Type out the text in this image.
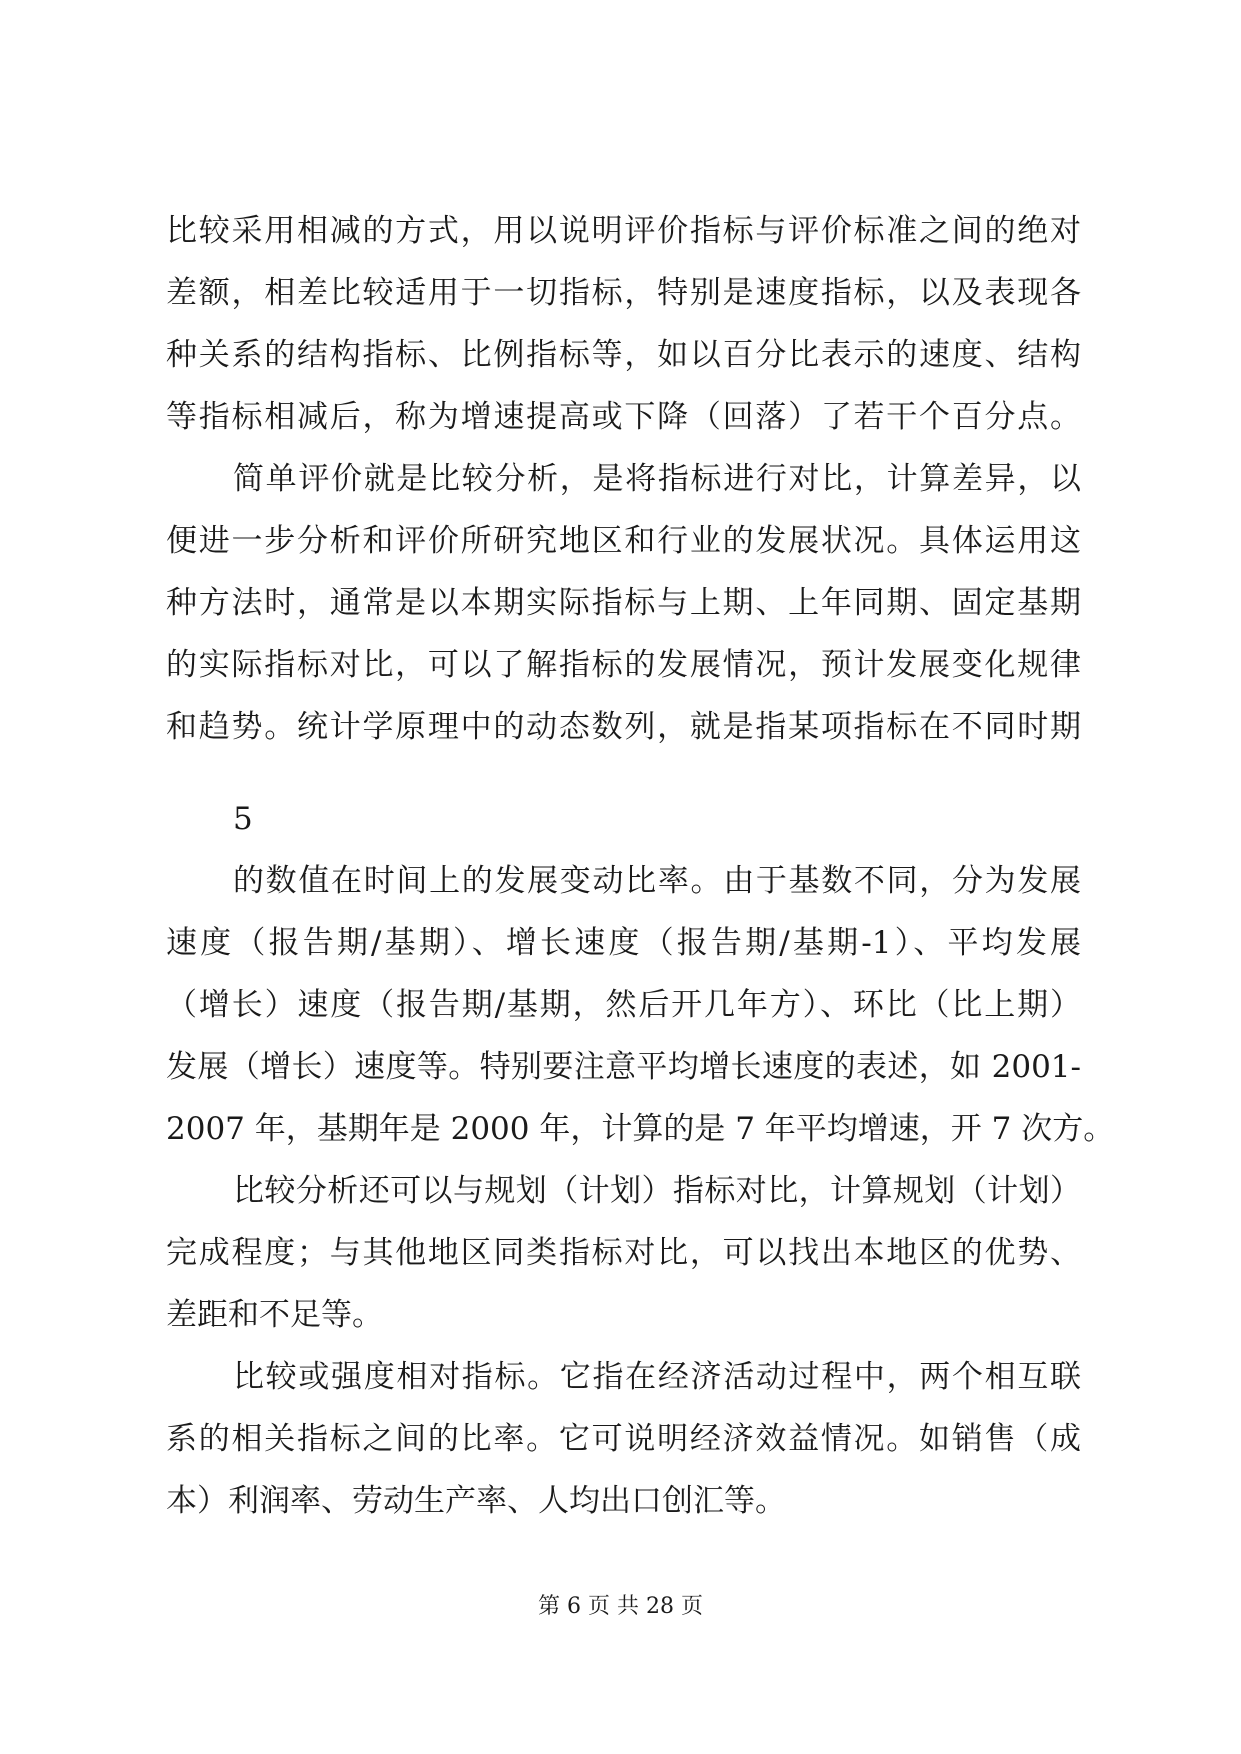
比较采用相减的方式，用以说明评价指标与评价标准之间的绝对
差额，相差比较适用于一切指标，特别是速度指标，以及表现各
种关系的结构指标、比例指标等，如以百分比表示的速度、结构
等指标相减后，称为增速提高或下降（回落）了若干个百分点。
简单评价就是比较分析，是将指标进行对比，计算差异，以
便进一步分析和评价所研究地区和行业的发展状况。具体运用这
种方法时，通常是以本期实际指标与上期、上年同期、固定基期
的实际指标对比，可以了解指标的发展情况，预计发展变化规律
和趋势。统计学原理中的动态数列，就是指某项指标在不同时期
5
的数值在时间上的发展变动比率。由于基数不同，分为发展
速度（报告期/基期）、增长速度（报告期/基期-1）、平均发展
（增长）速度（报告期/基期，然后开几年方）、环比（比上期）
发展（增长）速度等。特别要注意平均增长速度的表述，如 2001-
2007 年，基期年是 2000 年，计算的是 7 年平均增速，开 7 次方。
比较分析还可以与规划（计划）指标对比，计算规划（计划）
完成程度；与其他地区同类指标对比，可以找出本地区的优势、
差距和不足等。
比较或强度相对指标。它指在经济活动过程中，两个相互联
系的相关指标之间的比率。它可说明经济效益情况。如销售（成
本）利润率、劳动生产率、人均出口创汇等。
第 6 页 共 28 页
